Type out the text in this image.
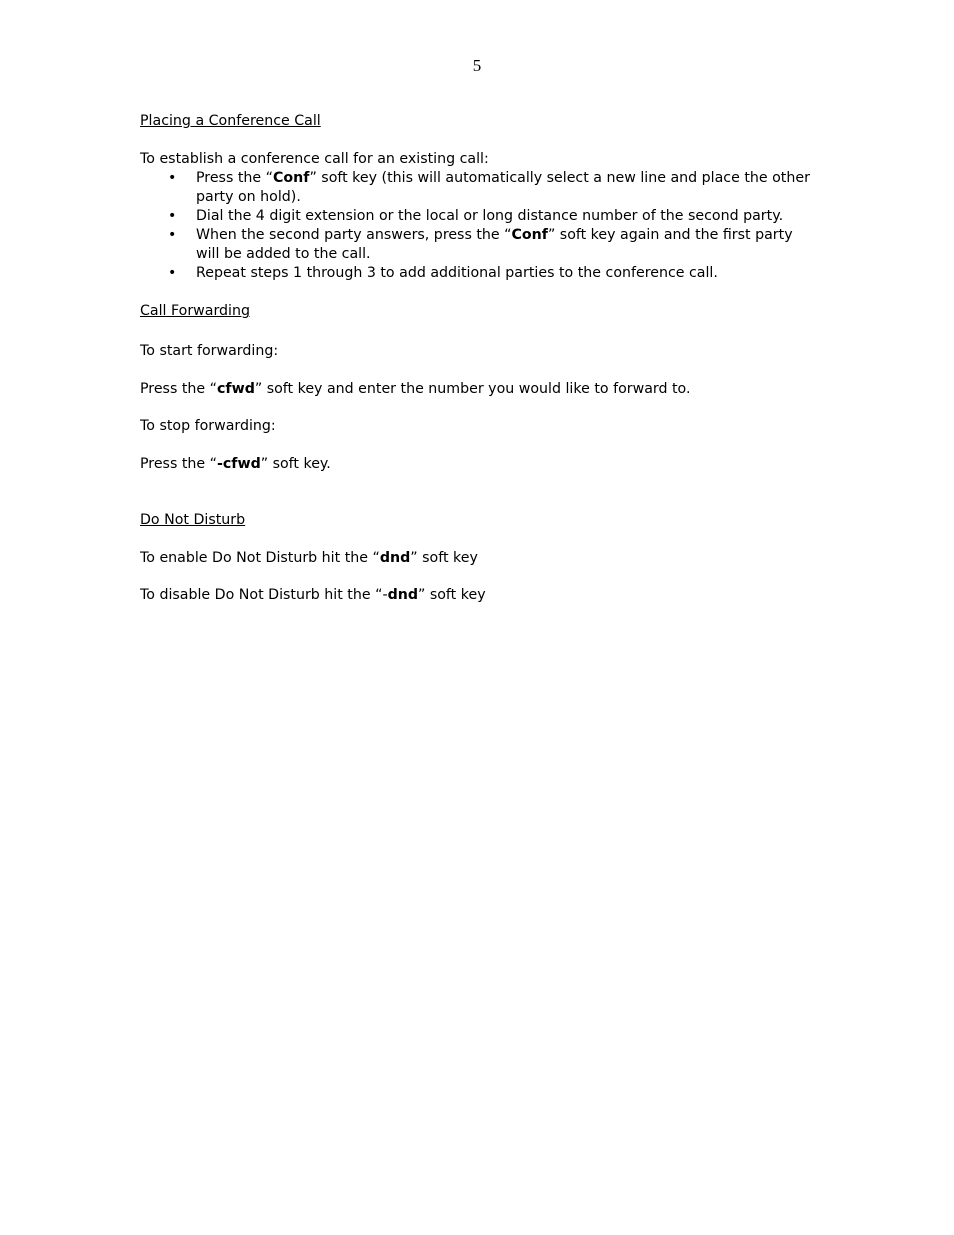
5

Placing a Conference Call

To establish a conference call for an existing call:

• Press the “Conf” soft key (this will automatically select a new line and place the other party on hold).
• Dial the 4 digit extension or the local or long distance number of the second party.
• When the second party answers, press the “Conf” soft key again and the first party will be added to the call.
• Repeat steps 1 through 3 to add additional parties to the conference call.

Call Forwarding

To start forwarding:

Press the “cfwd” soft key and enter the number you would like to forward to.

To stop forwarding:

Press the “-cfwd” soft key.

Do Not Disturb

To enable Do Not Disturb hit the “dnd” soft key

To disable Do Not Disturb hit the “-dnd” soft key
